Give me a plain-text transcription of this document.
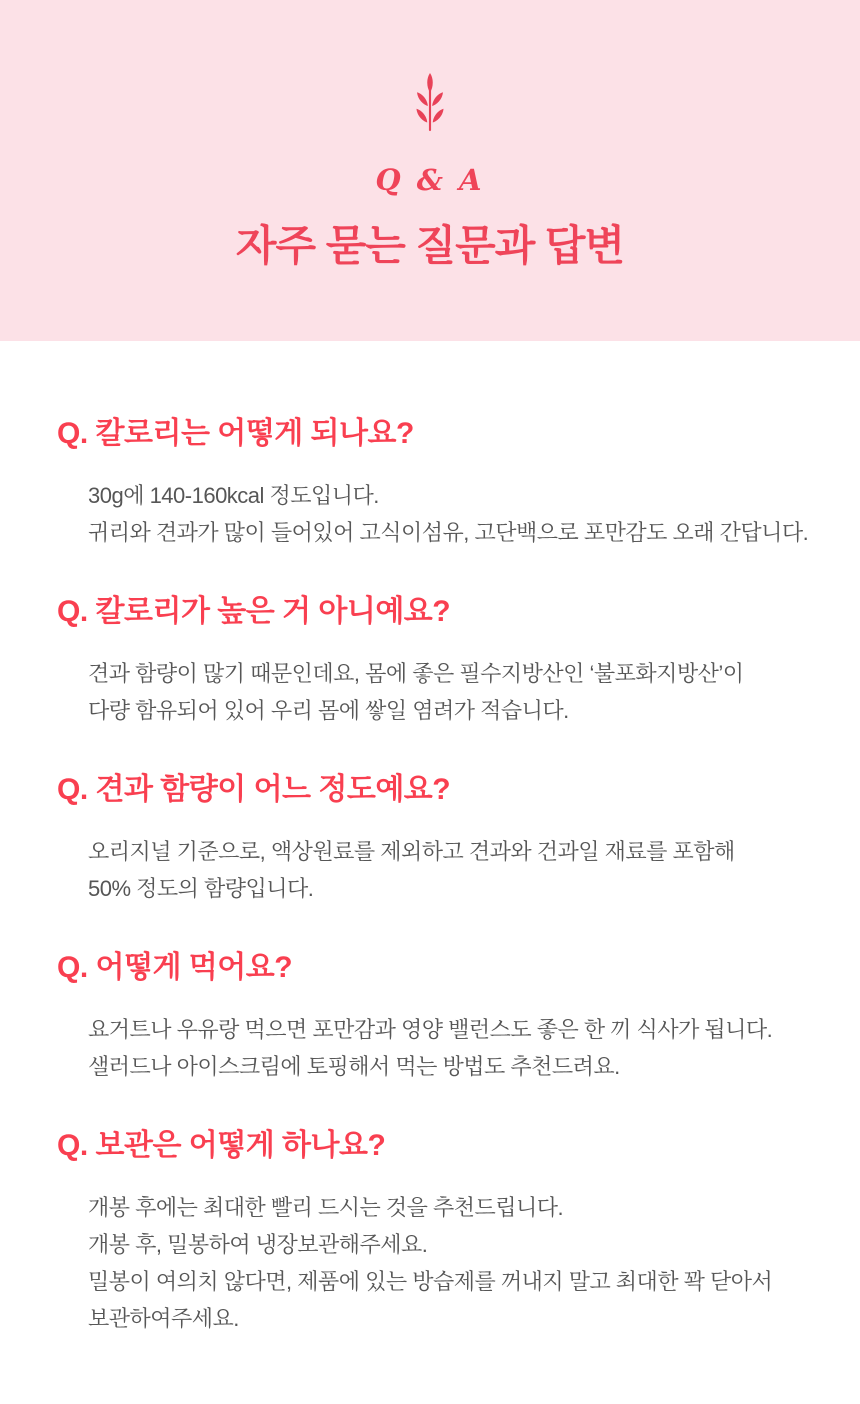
Q & A
자주 묻는 질문과 답변
Q. 칼로리는 어떻게 되나요?

30g에 140-160kcal 정도입니다.

귀리와 견과가 많이 들어있어 고식이섬유, 고단백으로 포만감도 오래 간답니다.

Q. 칼로리가 높은 거 아니예요?

견과 함량이 많기 때문인데요, 몸에 좋은 필수지방산인 ‘불포화지방산’이

다량 함유되어 있어 우리 몸에 쌓일 염려가 적습니다.

Q. 견과 함량이 어느 정도예요?

오리지널 기준으로, 액상원료를 제외하고 견과와 건과일 재료를 포함해

50% 정도의 함량입니다.

Q. 어떻게 먹어요?

요거트나 우유랑 먹으면 포만감과 영양 밸런스도 좋은 한 끼 식사가 됩니다.

샐러드나 아이스크림에 토핑해서 먹는 방법도 추천드려요.

Q. 보관은 어떻게 하나요?

개봉 후에는 최대한 빨리 드시는 것을 추천드립니다.

개봉 후, 밀봉하여 냉장보관해주세요.

밀봉이 여의치 않다면, 제품에 있는 방습제를 꺼내지 말고 최대한 꽉 닫아서

보관하여주세요.
